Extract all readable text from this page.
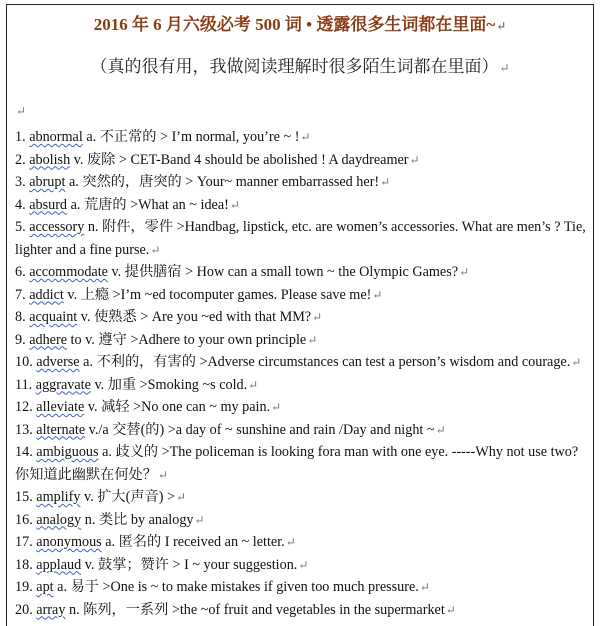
2016 年 6 月六级必考 500 词 • 透露很多生词都在里面~↵
（真的很有用，我做阅读理解时很多陌生词都在里面）↵
↵

1. abnormal a. 不正常的 > I’m normal, you’re ~ !↵

2. abolish v. 废除 > CET-Band 4 should be abolished ! A daydreamer↵

3. abrupt a. 突然的，唐突的 > Your~ manner embarrassed her!↵

4. absurd a. 荒唐的 >What an ~ idea!↵

5. accessory n. 附件，零件 >Handbag, lipstick, etc. are women’s accessories. What are men’s ? Tie, lighter and a fine purse.↵

6. accommodate v. 提供膳宿 > How can a small town ~ the Olympic Games?↵

7. addict v. 上瘾 >I’m ~ed tocomputer games. Please save me!↵

8. acquaint v. 使熟悉 > Are you ~ed with that MM?↵

9. adhere to v. 遵守 >Adhere to your own principle↵

10. adverse a. 不利的，有害的 >Adverse circumstances can test a person’s wisdom and courage.↵

11. aggravate v. 加重 >Smoking ~s cold.↵

12. alleviate v. 减轻 >No one can ~ my pain.↵

13. alternate v./a 交替(的) >a day of ~ sunshine and rain /Day and night ~↵

14. ambiguous a. 歧义的 >The policeman is looking fora man with one eye. -----Why not use two? 你知道此幽默在何处？↵

15. amplify v. 扩大(声音) >↵

16. analogy n. 类比 by analogy↵

17. anonymous a. 匿名的 I received an ~ letter.↵

18. applaud v. 鼓掌；赞许 > I ~ your suggestion.↵

19. apt a. 易于 >One is ~ to make mistakes if given too much pressure.↵

20. array n. 陈列，一系列 >the ~of fruit and vegetables in the supermarket↵
